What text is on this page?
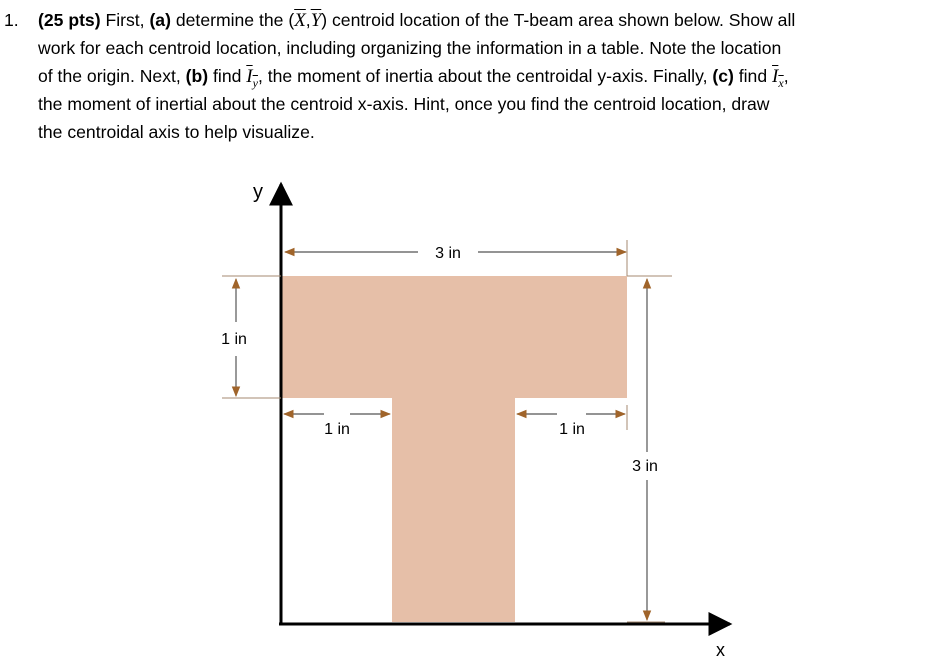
1. (25 pts) First, (a) determine the $(\overline{X},\overline{Y})$ centroid location of the T-beam area shown below. Show all
work for each centroid location, including organizing the information in a table. Note the location
of the origin. Next, (b) find $I_y$, the moment of inertia about the centroidal y-axis. Finally, (c) find $I_x$,
the moment of inertial about the centroid x-axis. Hint, once you find the centroid location, draw
the centroidal axis to help visualize.
y
x
3 in
1 in
1 in	1 in
3 in
